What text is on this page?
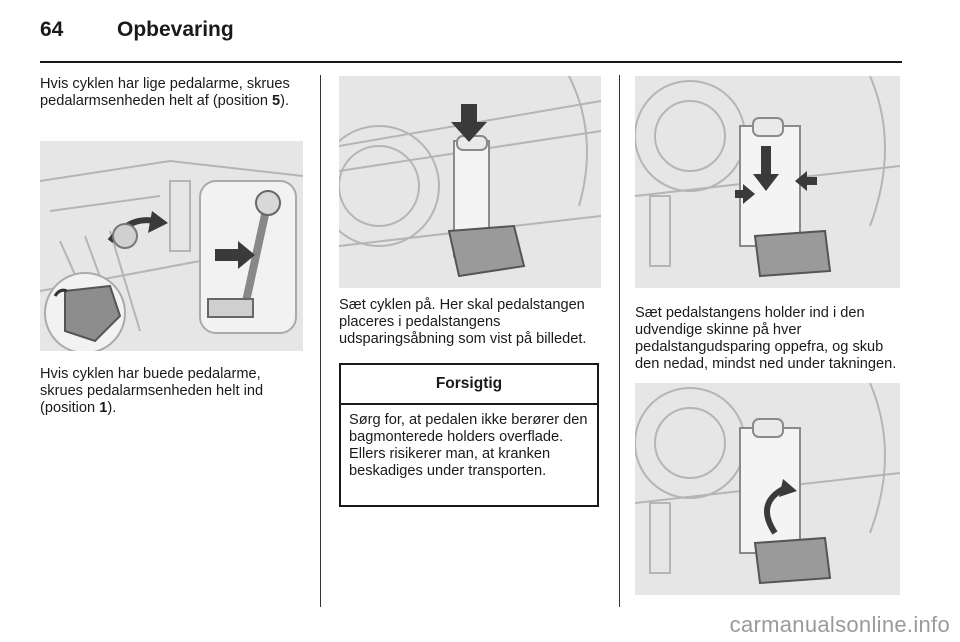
64	Opbevaring

Hvis cyklen har lige pedalarme, skrues pedalarmsenheden helt af (position 5).

Hvis cyklen har buede pedalarme, skrues pedalarmsenheden helt ind (position 1).

Sæt cyklen på. Her skal pedalstangen placeres i pedalstangens udsparingsåbning som vist på billedet.

Forsigtig
Sørg for, at pedalen ikke berører den bagmonterede holders overflade. Ellers risikerer man, at kranken beskadiges under transporten.

Sæt pedalstangens holder ind i den udvendige skinne på hver pedalstangudsparing oppefra, og skub den nedad, mindst ned under takningen.

carmanualsonline.info
